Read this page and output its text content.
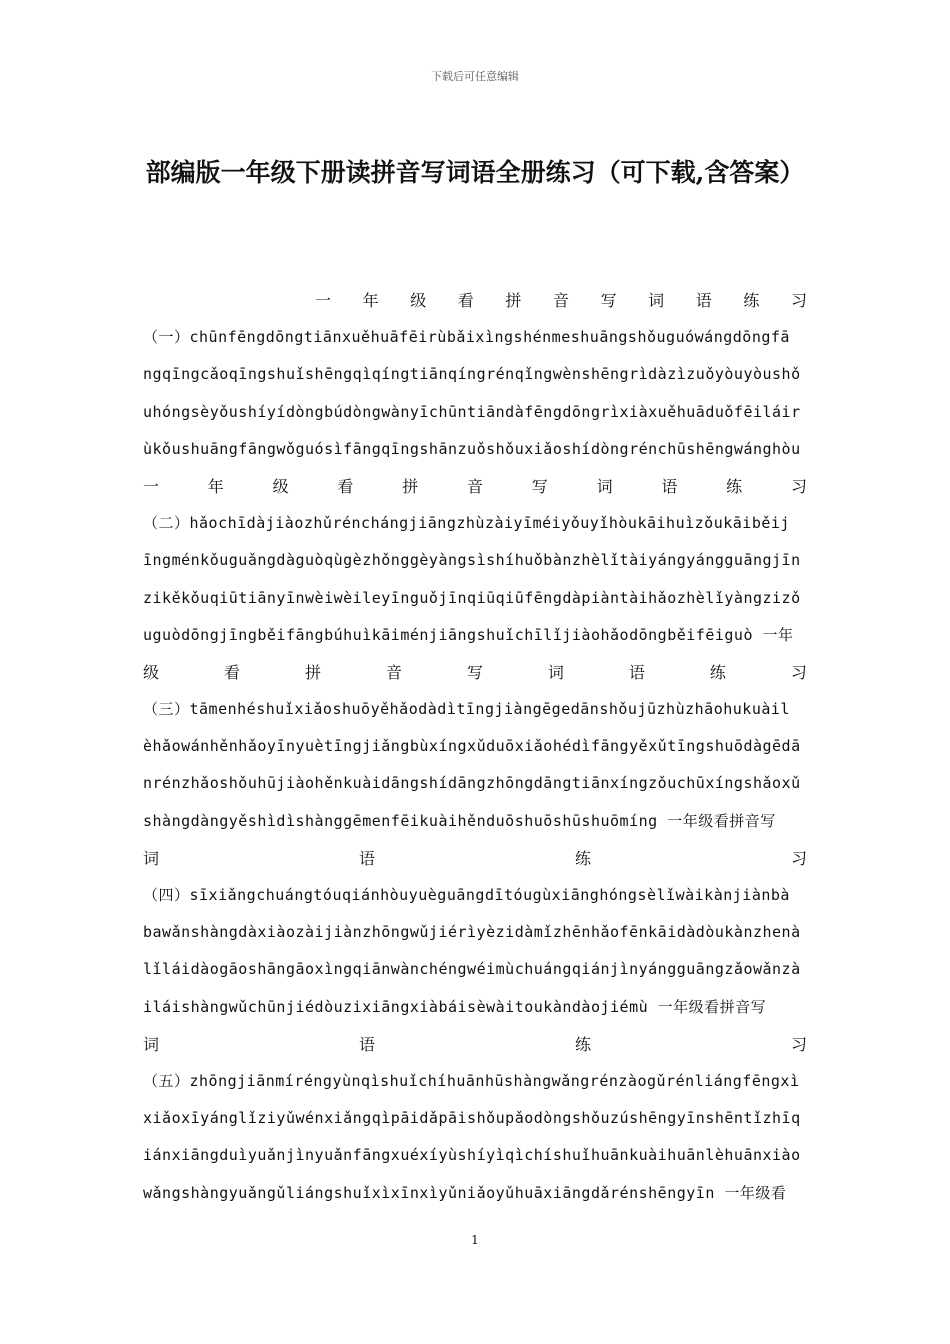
下载后可任意编辑
部编版一年级下册读拼音写词语全册练习（可下载,含答案）
一 年 级 看 拼 音 写 词 语 练 习
（一）chūnfēngdōngtiānxuěhuāfēirùbǎixìngshénmeshuāngshǒuguówángdōngfā
ngqīngcǎoqīngshuǐshēngqìqíngtiānqíngrénqǐngwènshēngrìdàzìzuǒyòuyòushǒ
uhóngsèyǒushíyídòngbúdòngwànyīchūntiāndàfēngdōngrìxiàxuěhuāduǒfēiláir
ùkǒushuāngfāngwǒguósìfāngqīngshānzuǒshǒuxiǎoshídòngrénchūshēngwánghòu
一	年	级	看	拼	音	写	词	语	练	习
（二）hǎochīdàjiàozhǔrénchángjiāngzhùzàiyīméiyǒuyǐhòukāihuìzǒukāiběij
īngménkǒuguǎngdàguòqùgèzhǒnggèyàngsìshíhuǒbànzhèlǐtàiyángyángguāngjīn
zikěkǒuqiūtiānyīnwèiwèileyīnguǒjīnqiūqiūfēngdàpiàntàihǎozhèlǐyàngzizǒ
uguòdōngjīngběifāngbúhuìkāiménjiāngshuǐchīlǐjiàohǎodōngběifēiguò 一年
级	看	拼	音	写	词	语	练	习
（三）tāmenhéshuǐxiǎoshuōyěhǎodàdìtīngjiàngēgedānshǒujūzhùzhāohukuàil
èhǎowánhěnhǎoyīnyuètīngjiǎngbùxíngxǔduōxiǎohédìfāngyěxǔtīngshuōdàgēdā
nrénzhǎoshǒuhūjiàohěnkuàidāngshídāngzhōngdāngtiānxíngzǒuchūxíngshǎoxǔ
shàngdàngyěshìdìshànggēmenfēikuàihěnduōshuōshūshuōmíng 一年级看拼音写
词	语	练	习
（四）sīxiǎngchuángtóuqiánhòuyuèguāngdītóugùxiānghóngsèlǐwàikànjiànbà
bawǎnshàngdàxiàozàijiànzhōngwǔjiérìyèzidàmǐzhēnhǎofēnkāidàdòukànzhenà
lǐláidàogāoshāngāoxìngqiānwànchéngwéimùchuángqiánjìnyángguāngzǎowǎnzà
iláishàngwǔchūnjiédòuzixiāngxiàbáisèwàitoukàndàojiémù 一年级看拼音写
词	语	练	习
（五）zhōngjiānmíréngyùnqìshuǐchíhuānhūshàngwǎngrénzàogǔrénliángfēngxì
xiǎoxīyánglǐziyǔwénxiǎngqìpāidǎpāishǒupǎodòngshǒuzúshēngyīnshēntǐzhīq
iánxiāngduìyuǎnjìnyuǎnfāngxuéxíyùshíyìqìchíshuǐhuānkuàihuānlèhuānxiào
wǎngshàngyuǎngǔliángshuǐxìxīnxìyǔniǎoyǔhuāxiāngdǎrénshēngyīn 一年级看
1
